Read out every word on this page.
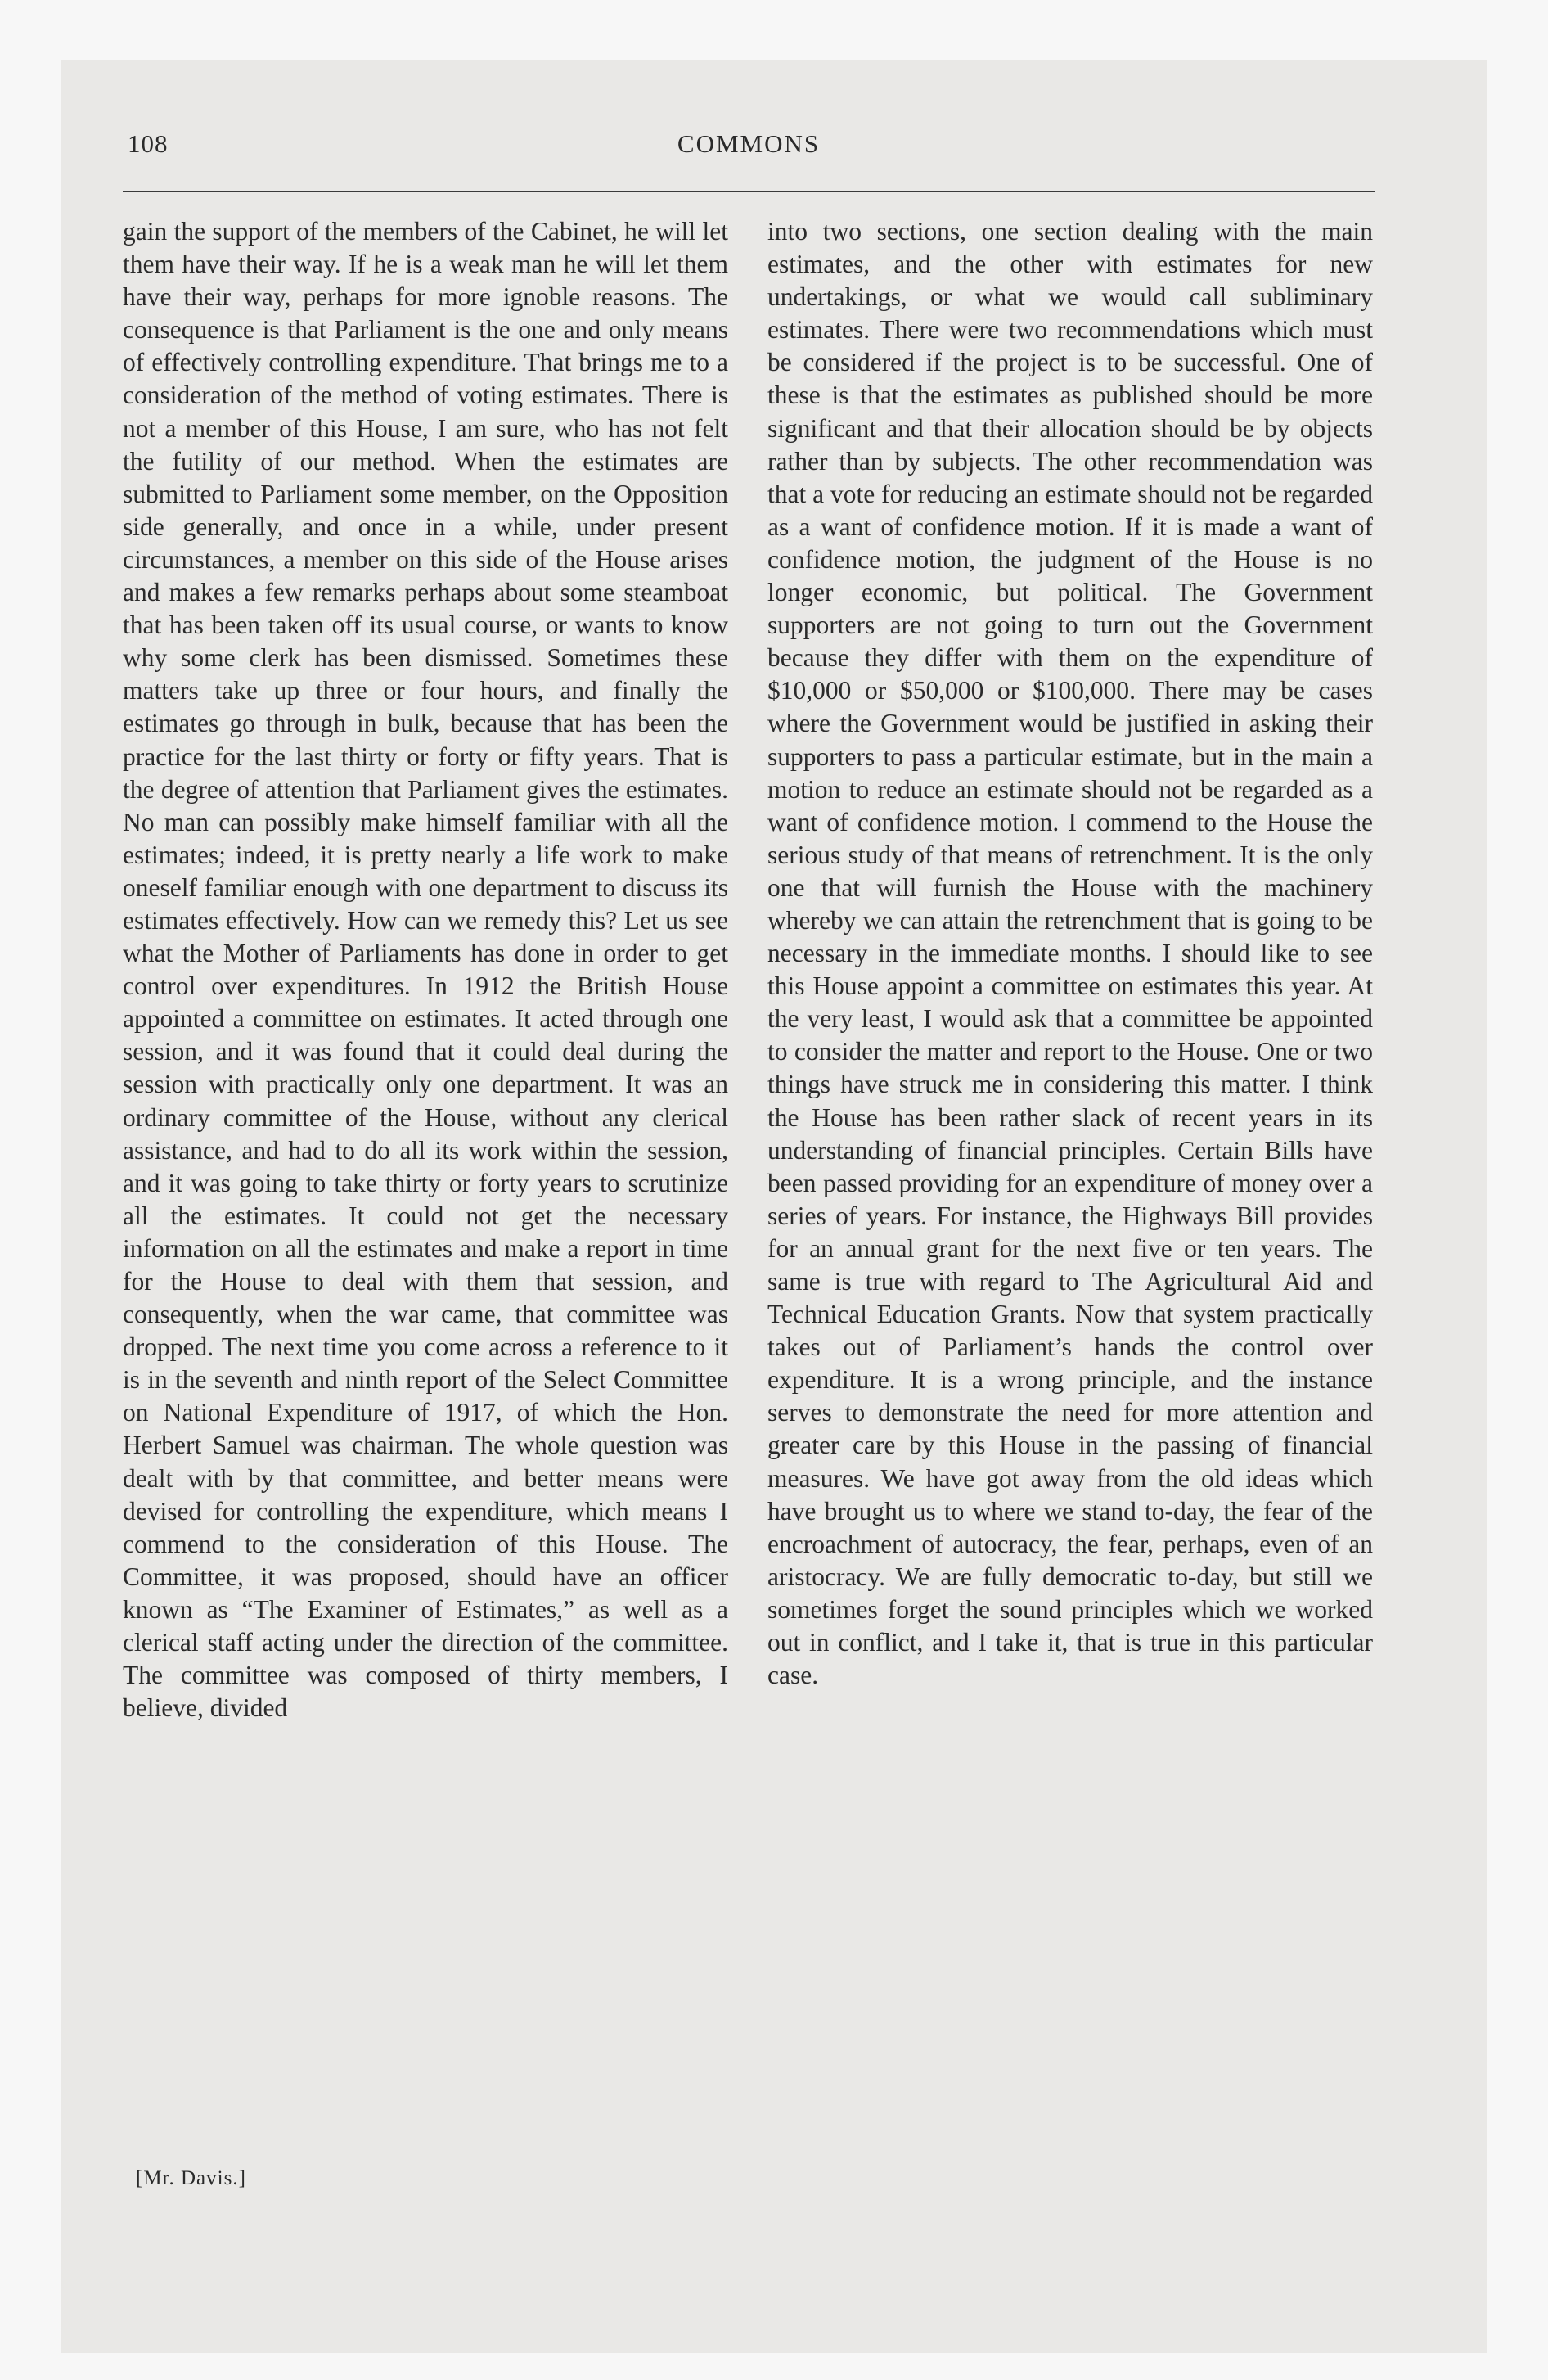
108	COMMONS
gain the support of the members of the Cabinet, he will let them have their way. If he is a weak man he will let them have their way, perhaps for more ignoble reasons. The consequence is that Parliament is the one and only means of effectively controlling expenditure. That brings me to a consideration of the method of voting estimates. There is not a member of this House, I am sure, who has not felt the futility of our method. When the estimates are submitted to Parliament some member, on the Opposition side generally, and once in a while, under present circumstances, a member on this side of the House arises and makes a few remarks perhaps about some steamboat that has been taken off its usual course, or wants to know why some clerk has been dismissed. Sometimes these matters take up three or four hours, and finally the estimates go through in bulk, because that has been the practice for the last thirty or forty or fifty years. That is the degree of attention that Parliament gives the estimates. No man can possibly make himself familiar with all the estimates; indeed, it is pretty nearly a life work to make oneself familiar enough with one department to discuss its estimates effectively. How can we remedy this? Let us see what the Mother of Parliaments has done in order to get control over expenditures. In 1912 the British House appointed a committee on estimates. It acted through one session, and it was found that it could deal during the session with practically only one department. It was an ordinary committee of the House, without any clerical assistance, and had to do all its work within the session, and it was going to take thirty or forty years to scrutinize all the estimates. It could not get the necessary information on all the estimates and make a report in time for the House to deal with them that session, and consequently, when the war came, that committee was dropped. The next time you come across a reference to it is in the seventh and ninth report of the Select Committee on National Expenditure of 1917, of which the Hon. Herbert Samuel was chairman. The whole question was dealt with by that committee, and better means were devised for controlling the expenditure, which means I commend to the consideration of this House. The Committee, it was proposed, should have an officer known as “The Examiner of Estimates,” as well as a clerical staff acting under the direction of the committee. The committee was composed of thirty members, I believe, divided
into two sections, one section dealing with the main estimates, and the other with estimates for new undertakings, or what we would call subliminary estimates. There were two recommendations which must be considered if the project is to be successful. One of these is that the estimates as published should be more significant and that their allocation should be by objects rather than by subjects. The other recommendation was that a vote for reducing an estimate should not be regarded as a want of confidence motion. If it is made a want of confidence motion, the judgment of the House is no longer economic, but political. The Government supporters are not going to turn out the Government because they differ with them on the expenditure of $10,000 or $50,000 or $100,000. There may be cases where the Government would be justified in asking their supporters to pass a particular estimate, but in the main a motion to reduce an estimate should not be regarded as a want of confidence motion. I commend to the House the serious study of that means of retrenchment. It is the only one that will furnish the House with the machinery whereby we can attain the retrenchment that is going to be necessary in the immediate months. I should like to see this House appoint a committee on estimates this year. At the very least, I would ask that a committee be appointed to consider the matter and report to the House. One or two things have struck me in considering this matter. I think the House has been rather slack of recent years in its understanding of financial principles. Certain Bills have been passed providing for an expenditure of money over a series of years. For instance, the Highways Bill provides for an annual grant for the next five or ten years. The same is true with regard to The Agricultural Aid and Technical Education Grants. Now that system practically takes out of Parliament’s hands the control over expenditure. It is a wrong principle, and the instance serves to demonstrate the need for more attention and greater care by this House in the passing of financial measures. We have got away from the old ideas which have brought us to where we stand to-day, the fear of the encroachment of autocracy, the fear, perhaps, even of an aristocracy. We are fully democratic to-day, but still we sometimes forget the sound principles which we worked out in conflict, and I take it, that is true in this particular case.
[Mr. Davis.]
